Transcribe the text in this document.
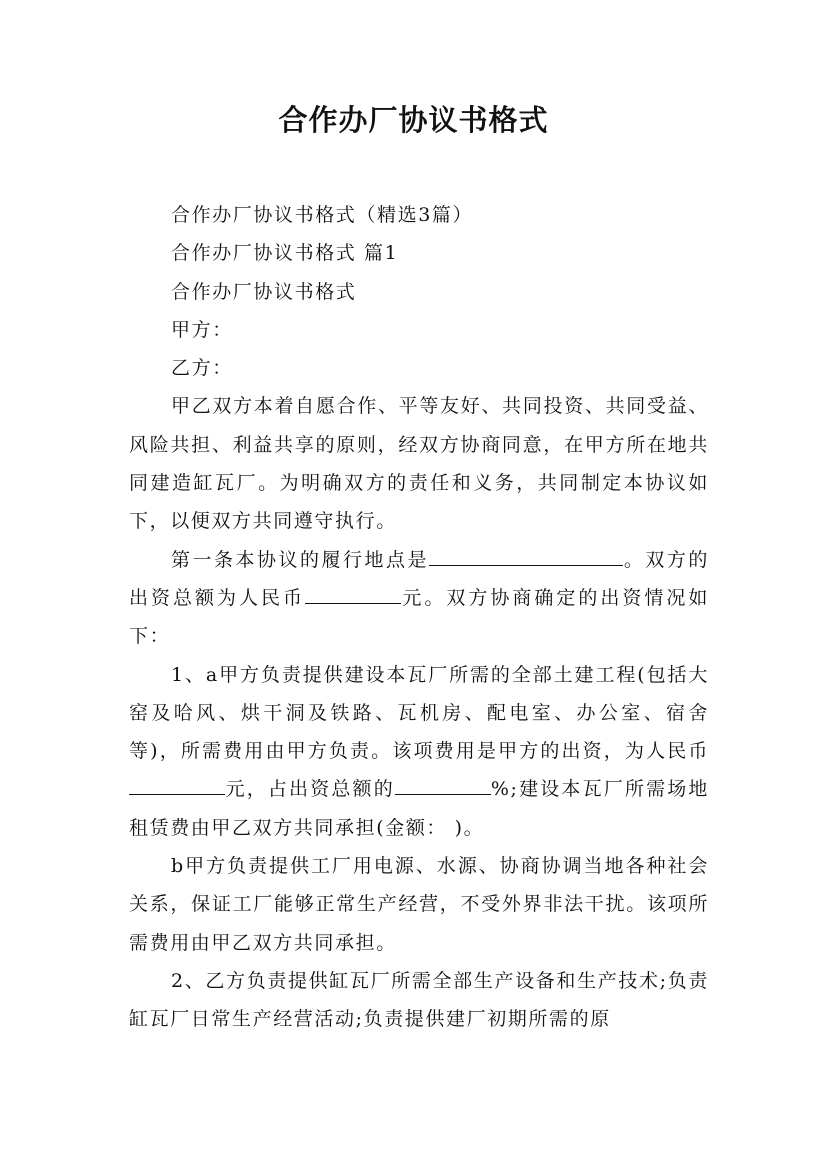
合作办厂协议书格式

合作办厂协议书格式（精选3篇）

合作办厂协议书格式 篇1

合作办厂协议书格式

甲方：

乙方：

甲乙双方本着自愿合作、平等友好、共同投资、共同受益、风险共担、利益共享的原则，经双方协商同意，在甲方所在地共同建造缸瓦厂。为明确双方的责任和义务，共同制定本协议如下，以便双方共同遵守执行。

第一条本协议的履行地点是	。双方的出资总额为人民币	元。双方协商确定的出资情况如下：

1、a甲方负责提供建设本瓦厂所需的全部土建工程(包括大窑及哈风、烘干洞及铁路、瓦机房、配电室、办公室、宿舍等)，所需费用由甲方负责。该项费用是甲方的出资，为人民币元，占出资总额的	%;建设本瓦厂所需场地租赁费由甲乙双方共同承担(金额： )。

b甲方负责提供工厂用电源、水源、协商协调当地各种社会关系，保证工厂能够正常生产经营，不受外界非法干扰。该项所需费用由甲乙双方共同承担。

2、乙方负责提供缸瓦厂所需全部生产设备和生产技术;负责缸瓦厂日常生产经营活动;负责提供建厂初期所需的原
